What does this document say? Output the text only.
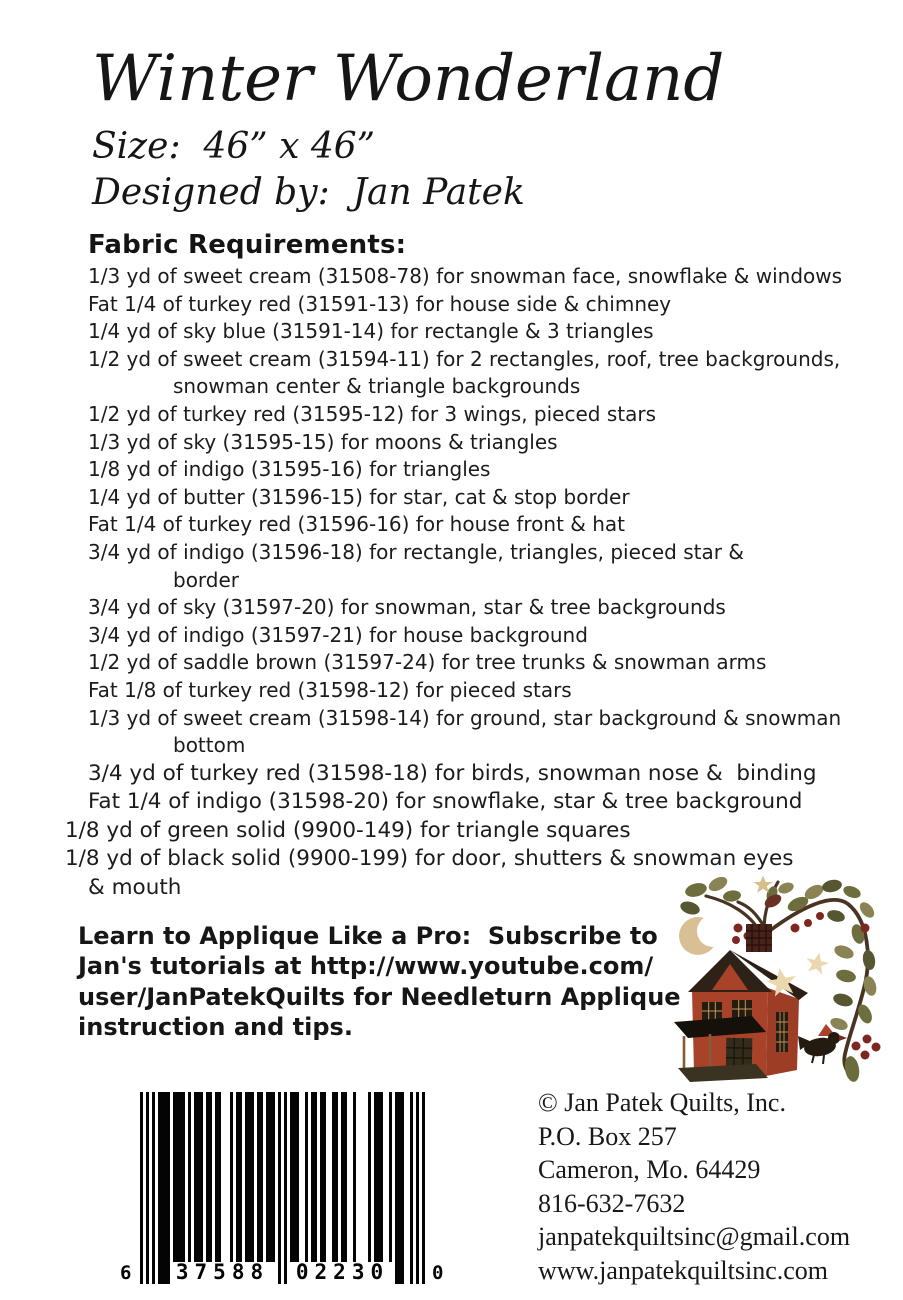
Winter Wonderland
Size:  46” x 46”
Designed by:  Jan Patek
Fabric Requirements:
1/3 yd of sweet cream (31508-78) for snowman face, snowflake & windows
Fat 1/4 of turkey red (31591-13) for house side & chimney
1/4 yd of sky blue (31591-14) for rectangle & 3 triangles
1/2 yd of sweet cream (31594-11) for 2 rectangles, roof, tree backgrounds,
snowman center & triangle backgrounds
1/2 yd of turkey red (31595-12) for 3 wings, pieced stars
1/3 yd of sky (31595-15) for moons & triangles
1/8 yd of indigo (31595-16) for triangles
1/4 yd of butter (31596-15) for star, cat & stop border
Fat 1/4 of turkey red (31596-16) for house front & hat
3/4 yd of indigo (31596-18) for rectangle, triangles, pieced star &
border
3/4 yd of sky (31597-20) for snowman, star & tree backgrounds
3/4 yd of indigo (31597-21) for house background
1/2 yd of saddle brown (31597-24) for tree trunks & snowman arms
Fat 1/8 of turkey red (31598-12) for pieced stars
1/3 yd of sweet cream (31598-14) for ground, star background & snowman
bottom
3/4 yd of turkey red (31598-18) for birds, snowman nose &  binding
Fat 1/4 of indigo (31598-20) for snowflake, star & tree background
1/8 yd of green solid (9900-149) for triangle squares
1/8 yd of black solid (9900-199) for door, shutters & snowman eyes
& mouth
Learn to Applique Like a Pro:  Subscribe to
Jan's tutorials at http://www.youtube.com/
user/JanPatekQuilts for Needleturn Applique
instruction and tips.
6 37588 02230	0
© Jan Patek Quilts, Inc.
P.O. Box 257
Cameron, Mo. 64429
816-632-7632
janpatekquiltsinc@gmail.com
www.janpatekquiltsinc.com
